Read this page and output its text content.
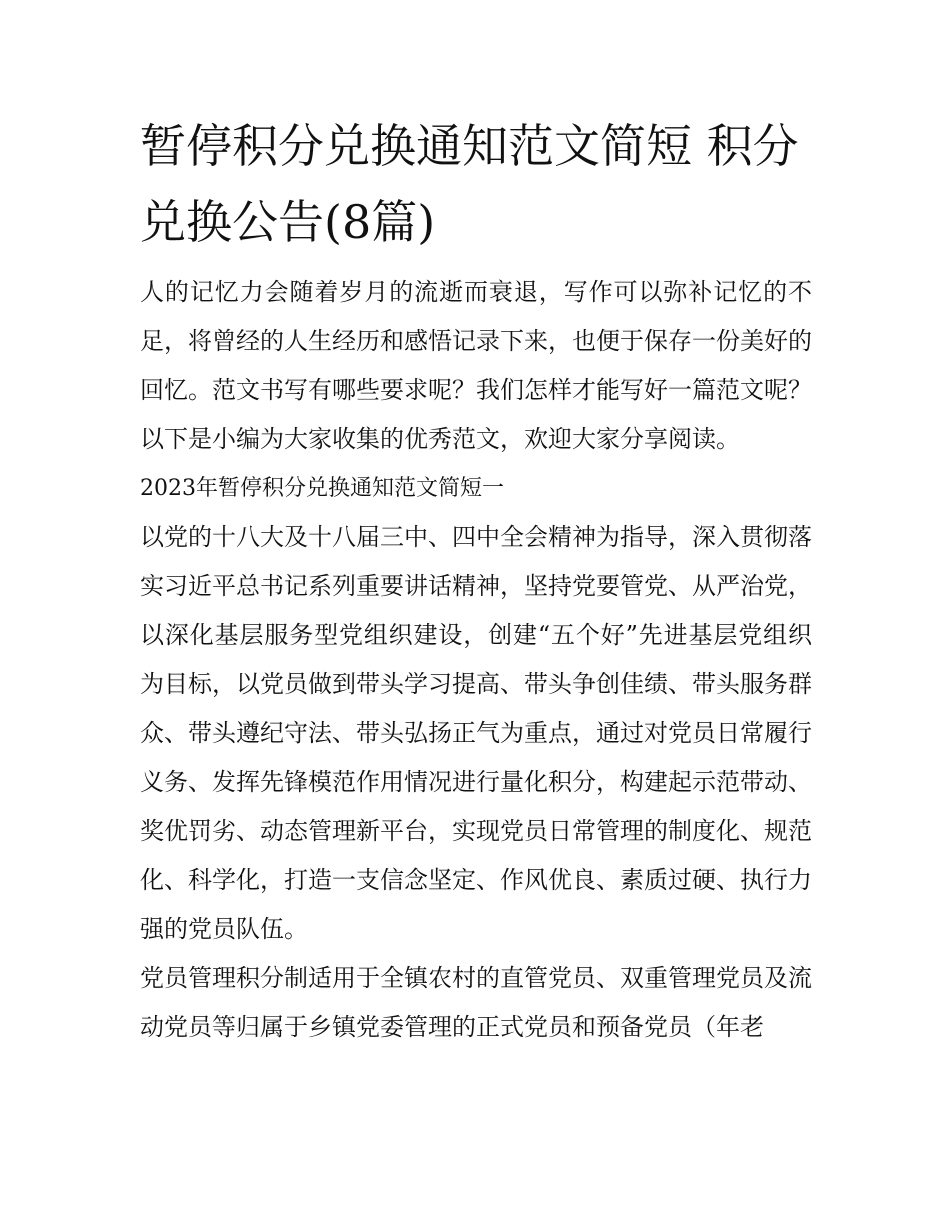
暂停积分兑换通知范文简短 积分兑换公告(8篇)

人的记忆力会随着岁月的流逝而衰退，写作可以弥补记忆的不足，将曾经的人生经历和感悟记录下来，也便于保存一份美好的回忆。范文书写有哪些要求呢？我们怎样才能写好一篇范文呢？以下是小编为大家收集的优秀范文，欢迎大家分享阅读。

2023年暂停积分兑换通知范文简短一

以党的十八大及十八届三中、四中全会精神为指导，深入贯彻落实习近平总书记系列重要讲话精神，坚持党要管党、从严治党，以深化基层服务型党组织建设，创建“五个好”先进基层党组织为目标，以党员做到带头学习提高、带头争创佳绩、带头服务群众、带头遵纪守法、带头弘扬正气为重点，通过对党员日常履行义务、发挥先锋模范作用情况进行量化积分，构建起示范带动、奖优罚劣、动态管理新平台，实现党员日常管理的制度化、规范化、科学化，打造一支信念坚定、作风优良、素质过硬、执行力强的党员队伍。

党员管理积分制适用于全镇农村的直管党员、双重管理党员及流动党员等归属于乡镇党委管理的正式党员和预备党员（年老
